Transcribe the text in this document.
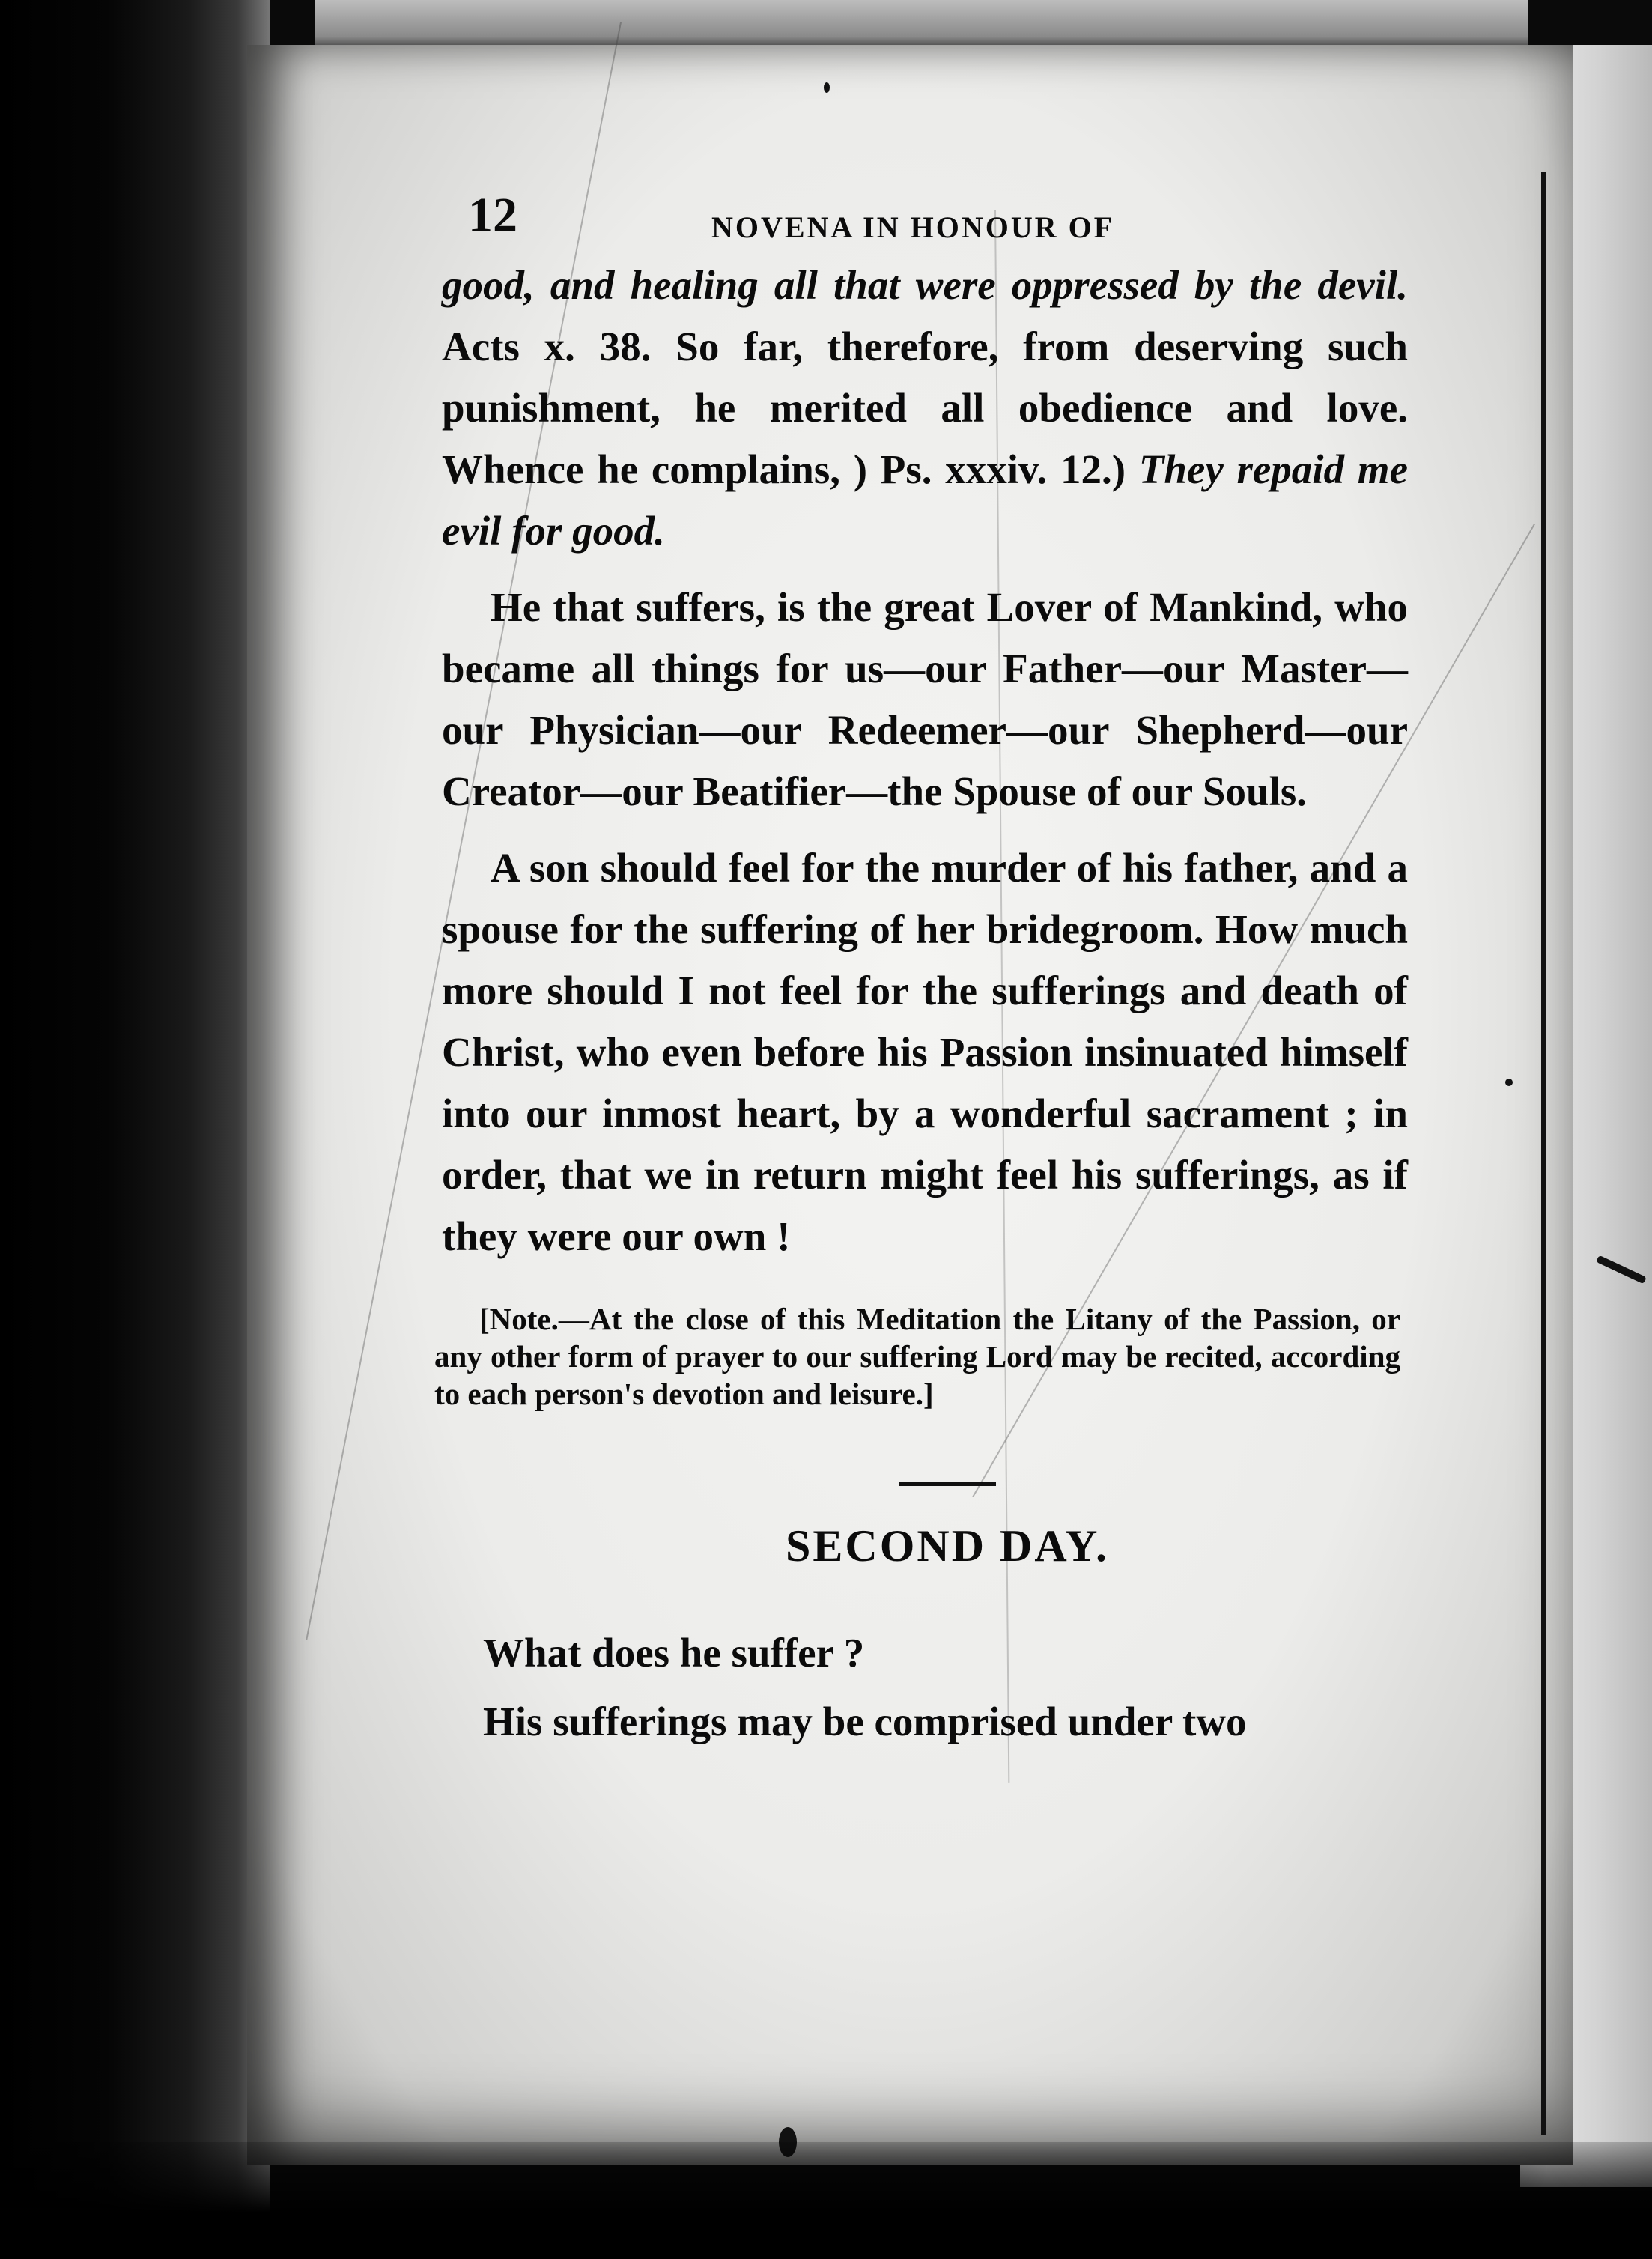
12	NOVENA IN HONOUR OF

good, and healing all that were oppressed by the devil. Acts x. 38. So far, therefore, from deserving such punishment, he merited all obedience and love. Whence he complains, ) Ps. xxxiv. 12.) They repaid me evil for good.

He that suffers, is the great Lover of Mankind, who became all things for us—our Father—our Master—our Physician—our Redeemer—our Shepherd—our Creator—our Beatifier—the Spouse of our Souls.

A son should feel for the murder of his father, and a spouse for the suffering of her bridegroom. How much more should I not feel for the sufferings and death of Christ, who even before his Passion insinuated himself into our inmost heart, by a wonderful sacrament ; in order, that we in return might feel his sufferings, as if they were our own !

[Note.—At the close of this Meditation the Litany of the Passion, or any other form of prayer to our suffering Lord may be recited, according to each person's devotion and leisure.]

SECOND DAY.
What does he suffer ?
His sufferings may be comprised under two
